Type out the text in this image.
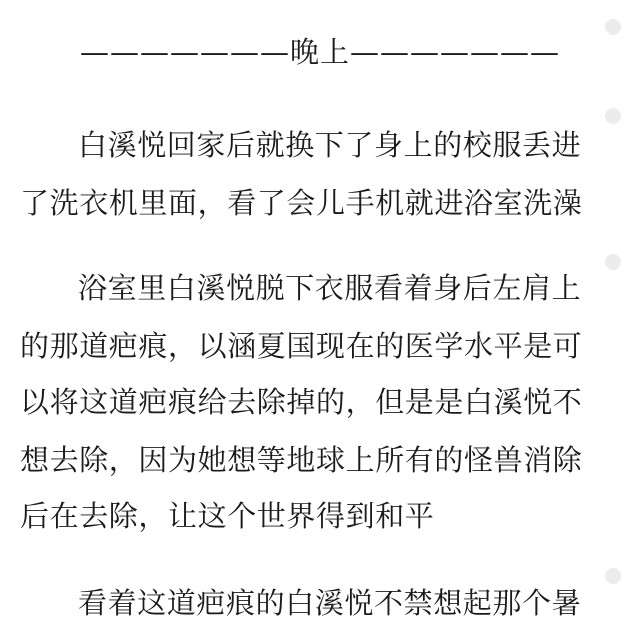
———————晚上———————
白溪悦回家后就换下了身上的校服丢进
了洗衣机里面，看了会儿手机就进浴室洗澡
浴室里白溪悦脱下衣服看着身后左肩上
的那道疤痕，以涵夏国现在的医学水平是可
以将这道疤痕给去除掉的，但是是白溪悦不
想去除，因为她想等地球上所有的怪兽消除
后在去除，让这个世界得到和平
看着这道疤痕的白溪悦不禁想起那个暑
